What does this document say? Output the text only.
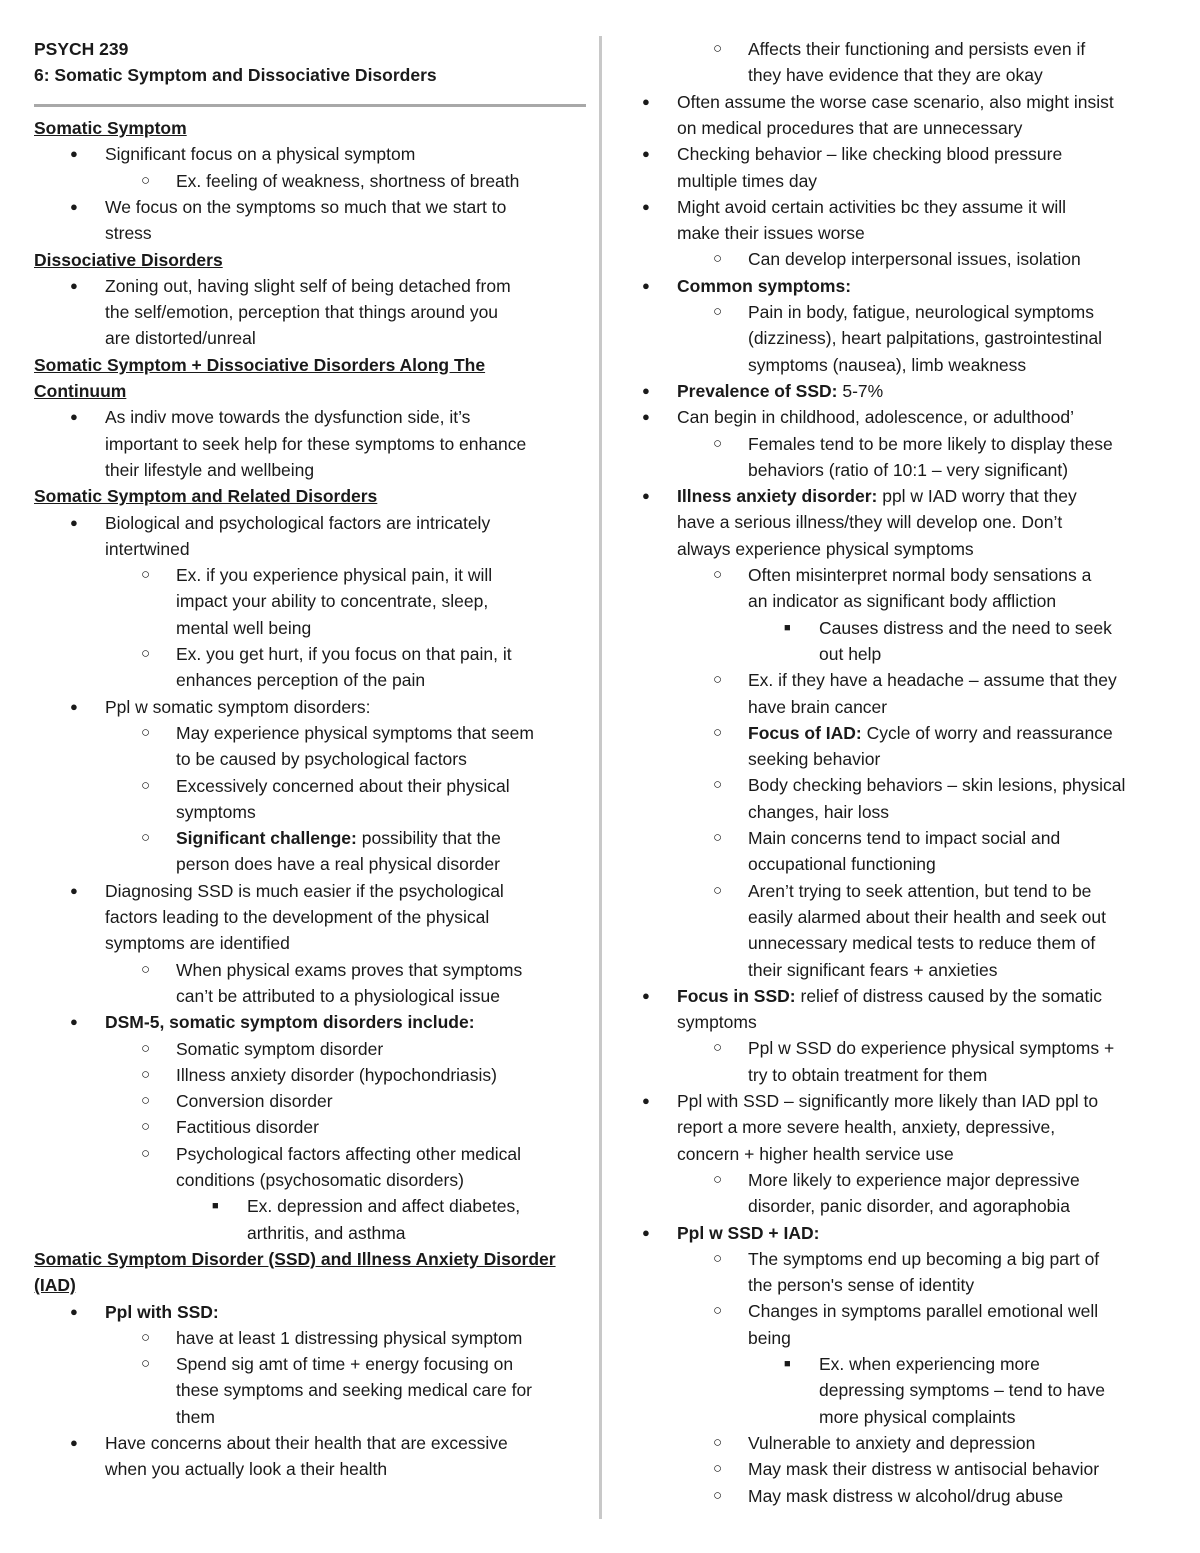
PSYCH 239
6: Somatic Symptom and Dissociative Disorders
Somatic Symptom
● Significant focus on a physical symptom
○ Ex. feeling of weakness, shortness of breath
● We focus on the symptoms so much that we start to
stress
Dissociative Disorders
● Zoning out, having slight self of being detached from
the self/emotion, perception that things around you
are distorted/unreal
Somatic Symptom + Dissociative Disorders Along The
Continuum
● As indiv move towards the dysfunction side, it’s
important to seek help for these symptoms to enhance
their lifestyle and wellbeing
Somatic Symptom and Related Disorders
● Biological and psychological factors are intricately
intertwined
○ Ex. if you experience physical pain, it will
impact your ability to concentrate, sleep,
mental well being
○ Ex. you get hurt, if you focus on that pain, it
enhances perception of the pain
● Ppl w somatic symptom disorders:
○ May experience physical symptoms that seem
to be caused by psychological factors
○ Excessively concerned about their physical
symptoms
○ Significant challenge: possibility that the
person does have a real physical disorder
● Diagnosing SSD is much easier if the psychological
factors leading to the development of the physical
symptoms are identified
○ When physical exams proves that symptoms
can’t be attributed to a physiological issue
● DSM-5, somatic symptom disorders include:
○ Somatic symptom disorder
○ Illness anxiety disorder (hypochondriasis)
○ Conversion disorder
○ Factitious disorder
○ Psychological factors affecting other medical
conditions (psychosomatic disorders)
■ Ex. depression and affect diabetes,
arthritis, and asthma
Somatic Symptom Disorder (SSD) and Illness Anxiety Disorder
(IAD)
● Ppl with SSD:
○ have at least 1 distressing physical symptom
○ Spend sig amt of time + energy focusing on
these symptoms and seeking medical care for
them
● Have concerns about their health that are excessive
when you actually look a their health
○ Affects their functioning and persists even if
they have evidence that they are okay
● Often assume the worse case scenario, also might insist
on medical procedures that are unnecessary
● Checking behavior – like checking blood pressure
multiple times day
● Might avoid certain activities bc they assume it will
make their issues worse
○ Can develop interpersonal issues, isolation
● Common symptoms:
○ Pain in body, fatigue, neurological symptoms
(dizziness), heart palpitations, gastrointestinal
symptoms (nausea), limb weakness
● Prevalence of SSD: 5-7%
● Can begin in childhood, adolescence, or adulthood’
○ Females tend to be more likely to display these
behaviors (ratio of 10:1 – very significant)
● Illness anxiety disorder: ppl w IAD worry that they
have a serious illness/they will develop one. Don’t
always experience physical symptoms
○ Often misinterpret normal body sensations a
an indicator as significant body affliction
■ Causes distress and the need to seek
out help
○ Ex. if they have a headache – assume that they
have brain cancer
○ Focus of IAD: Cycle of worry and reassurance
seeking behavior
○ Body checking behaviors – skin lesions, physical
changes, hair loss
○ Main concerns tend to impact social and
occupational functioning
○ Aren’t trying to seek attention, but tend to be
easily alarmed about their health and seek out
unnecessary medical tests to reduce them of
their significant fears + anxieties
● Focus in SSD: relief of distress caused by the somatic
symptoms
○ Ppl w SSD do experience physical symptoms +
try to obtain treatment for them
● Ppl with SSD – significantly more likely than IAD ppl to
report a more severe health, anxiety, depressive,
concern + higher health service use
○ More likely to experience major depressive
disorder, panic disorder, and agoraphobia
● Ppl w SSD + IAD:
○ The symptoms end up becoming a big part of
the person's sense of identity
○ Changes in symptoms parallel emotional well
being
■ Ex. when experiencing more
depressing symptoms – tend to have
more physical complaints
○ Vulnerable to anxiety and depression
○ May mask their distress w antisocial behavior
○ May mask distress w alcohol/drug abuse
